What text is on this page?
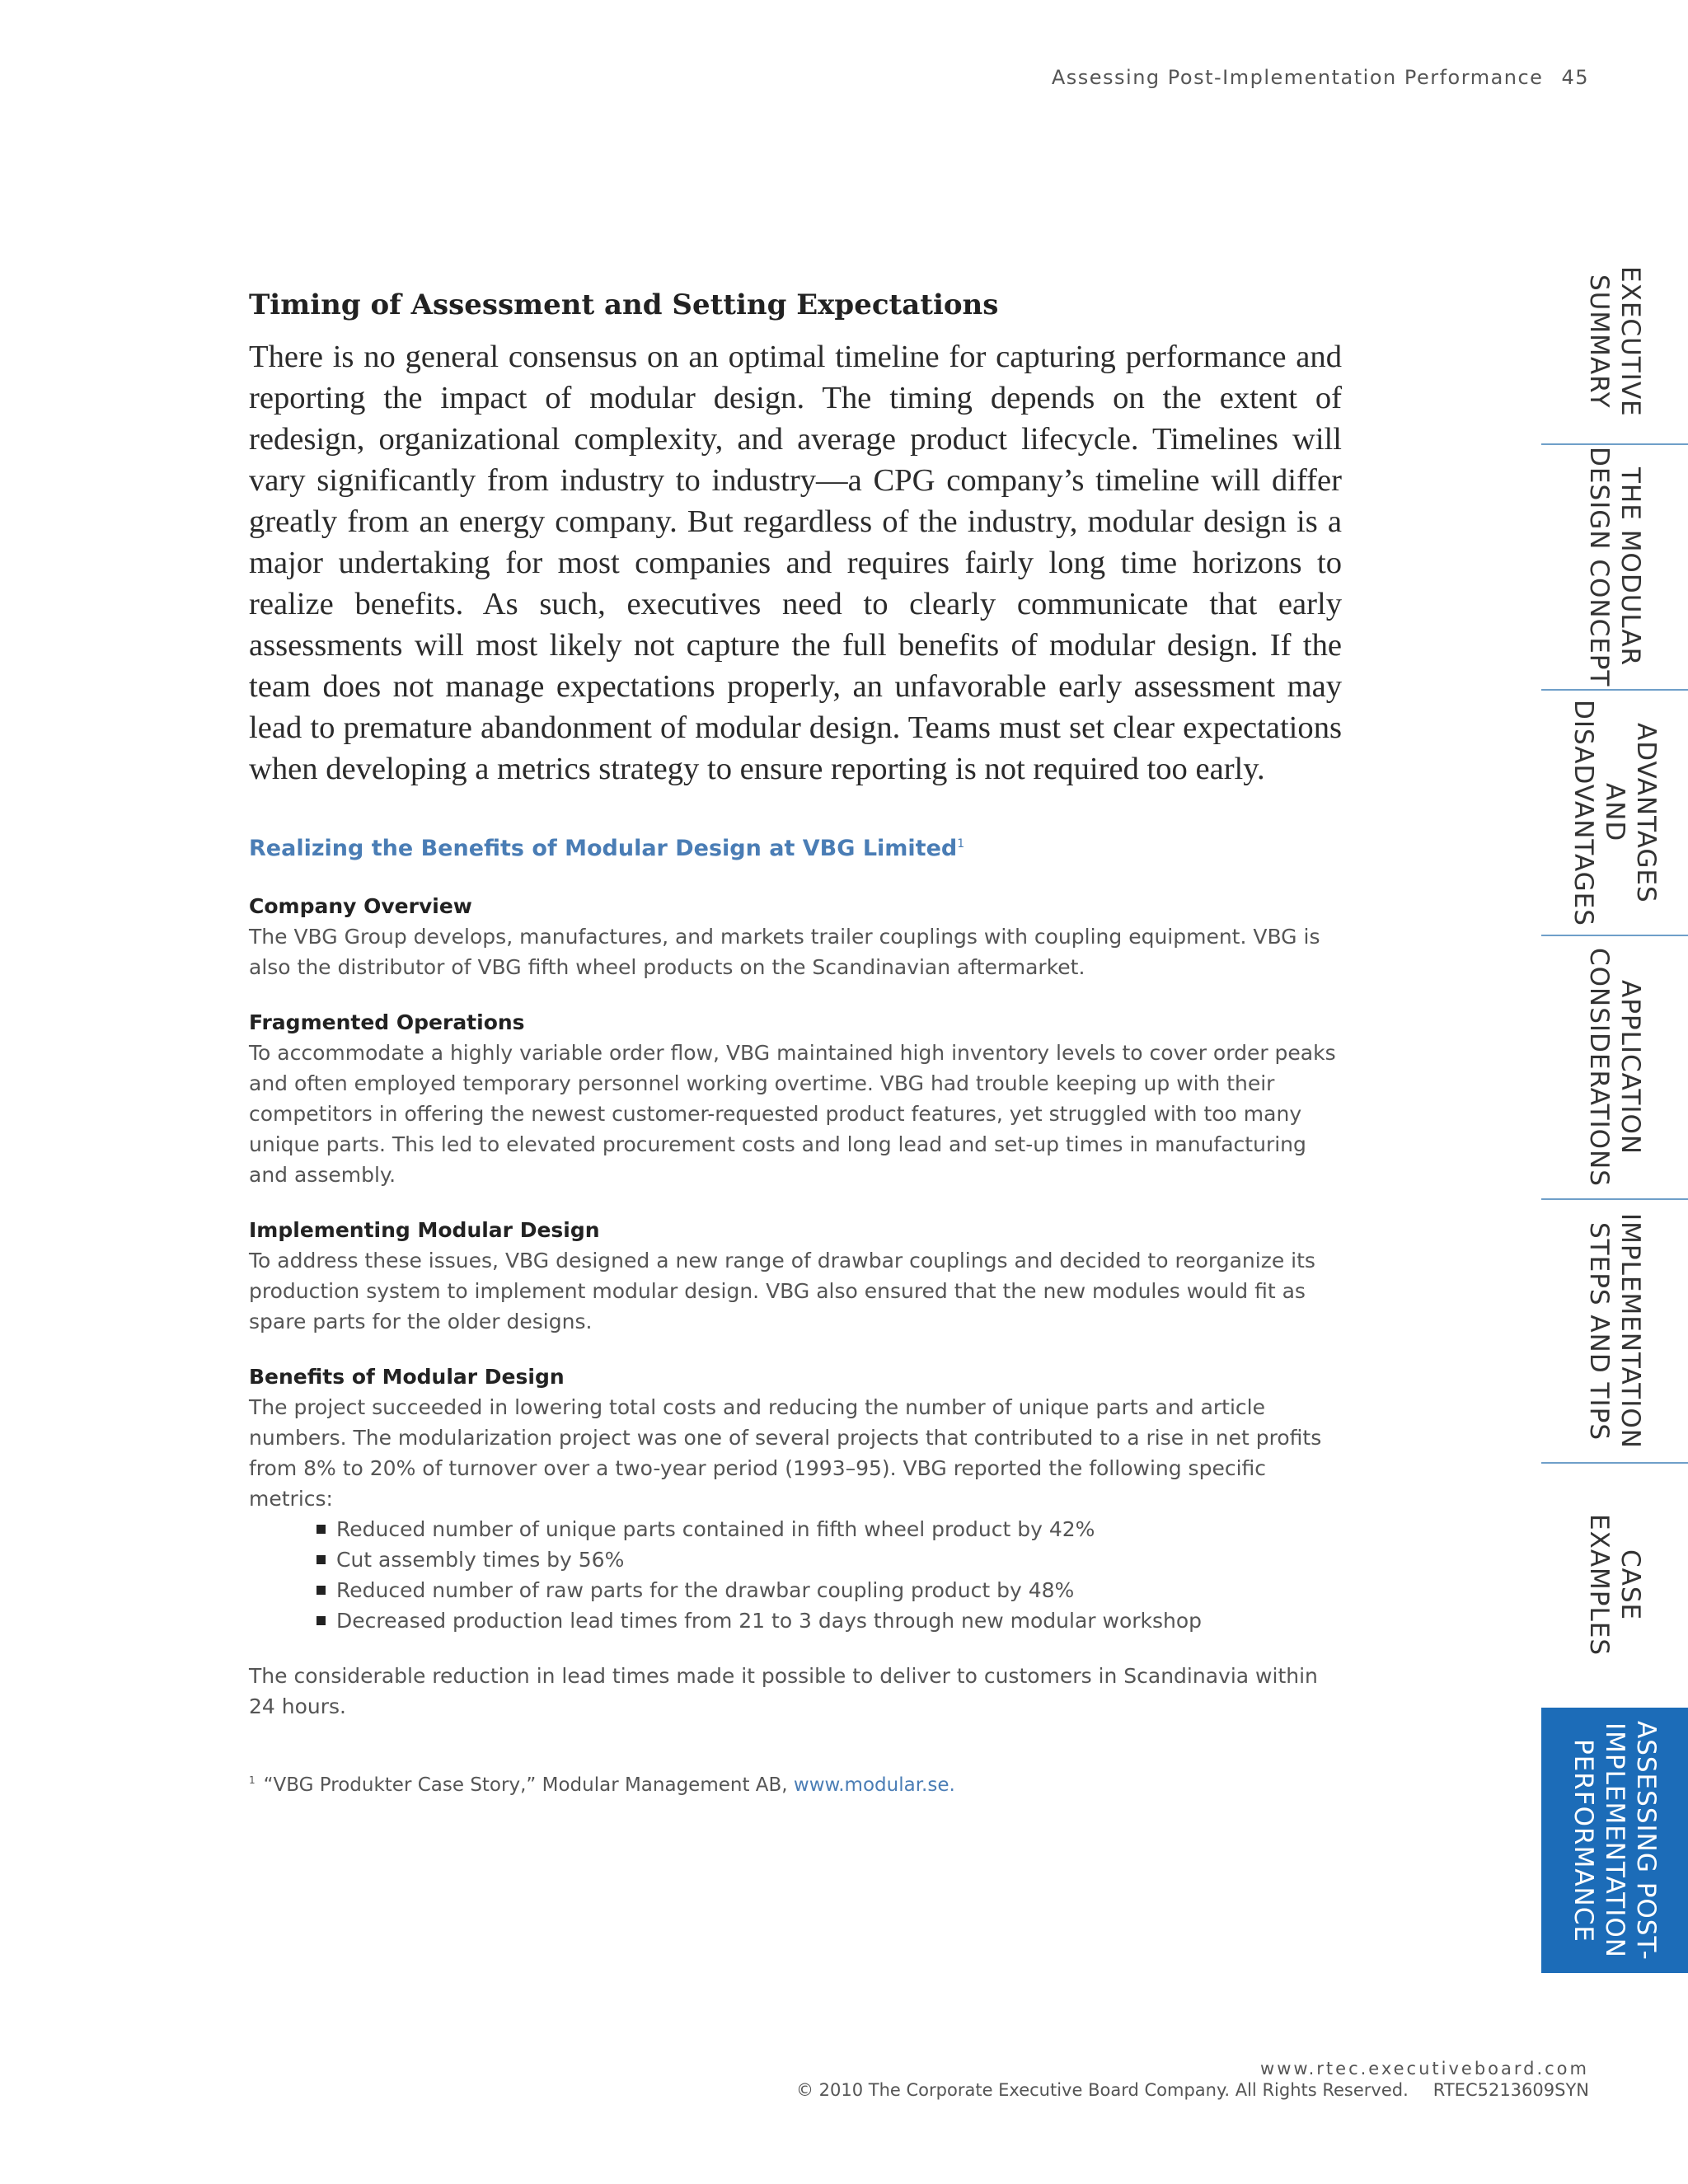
Assessing Post-Implementation Performance 45
Timing of Assessment and Setting Expectations

There is no general consensus on an optimal timeline for capturing performance and reporting the impact of modular design. The timing depends on the extent of redesign, organizational complexity, and average product lifecycle. Timelines will vary significantly from industry to industry—a CPG company’s timeline will differ greatly from an energy company. But regardless of the industry, modular design is a major undertaking for most companies and requires fairly long time horizons to realize benefits. As such, executives need to clearly communicate that early assessments will most likely not capture the full benefits of modular design. If the team does not manage expectations properly, an unfavorable early assessment may lead to premature abandonment of modular design. Teams must set clear expectations when developing a metrics strategy to ensure reporting is not required too early.

Realizing the Benefits of Modular Design at VBG Limited$^1$
Company Overview

The VBG Group develops, manufactures, and markets trailer couplings with coupling equipment. VBG is also the distributor of VBG fifth wheel products on the Scandinavian aftermarket.

Fragmented Operations

To accommodate a highly variable order flow, VBG maintained high inventory levels to cover order peaks and often employed temporary personnel working overtime. VBG had trouble keeping up with their competitors in offering the newest customer-requested product features, yet struggled with too many unique parts. This led to elevated procurement costs and long lead and set-up times in manufacturing and assembly.

Implementing Modular Design

To address these issues, VBG designed a new range of drawbar couplings and decided to reorganize its production system to implement modular design. VBG also ensured that the new modules would fit as spare parts for the older designs.

Benefits of Modular Design

The project succeeded in lowering total costs and reducing the number of unique parts and article numbers. The modularization project was one of several projects that contributed to a rise in net profits from 8% to 20% of turnover over a two-year period (1993–95). VBG reported the following specific metrics:

Reduced number of unique parts contained in fifth wheel product by 42%
Cut assembly times by 56%
Reduced number of raw parts for the drawbar coupling product by 48%
Decreased production lead times from 21 to 3 days through new modular workshop

The considerable reduction in lead times made it possible to deliver to customers in Scandinavia within 24 hours.

$^1$ “VBG Produkter Case Story,” Modular Management AB, www.modular.se.
EXECUTIVE
SUMMARY
THE MODULAR
DESIGN CONCEPT
ADVANTAGES
AND
DISADVANTAGES
APPLICATION
CONSIDERATIONS
IMPLEMENTATION
STEPS AND TIPS
CASE
EXAMPLES
ASSESSING POST-
IMPLEMENTATION
PERFORMANCE
www.rtec.executiveboard.com
© 2010 The Corporate Executive Board Company. All Rights Reserved. RTEC5213609SYN
